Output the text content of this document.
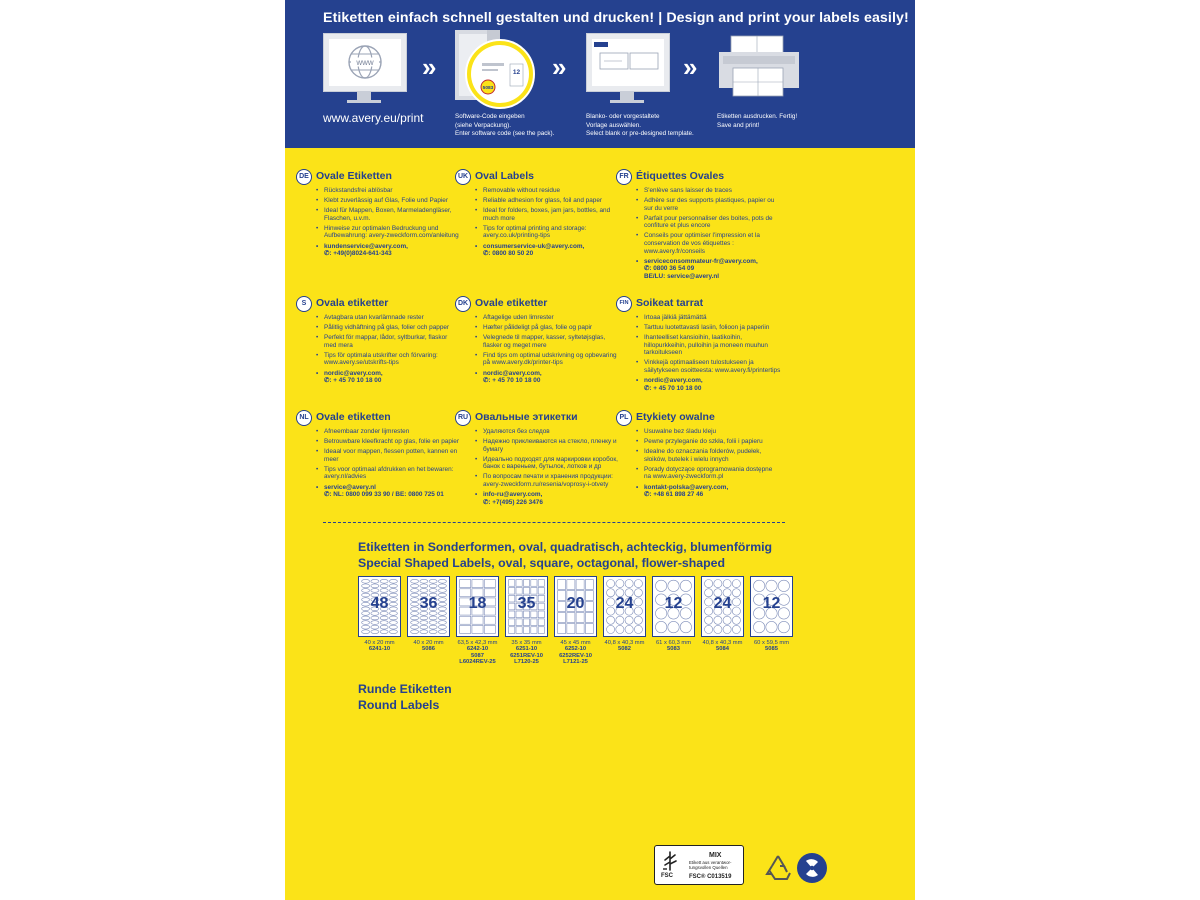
Etiketten einfach schnell gestalten und drucken! | Design and print your labels easily!
www
www.avery.eu/print
»	12
5083
Software-Code eingeben
(siehe Verpackung).
Enter software code (see the pack).
»
Blanko- oder vorgestaltete
Vorlage auswählen.
Select blank or pre-designed template.
»
Etiketten ausdrucken. Fertig!
Save and print!
DE Ovale Etiketten
• Rückstandsfrei ablösbar
• Klebt zuverlässig auf Glas, Folie und Papier
• Ideal für Mappen, Boxen, Marmeladengläser, Flaschen, u.v.m.
• Hinweise zur optimalen Bedruckung und Aufbewahrung: avery-zweckform.com/anleitung
• kundenservice@avery.com,
✆: +49(0)8024-641-343
UK Oval Labels
• Removable without residue
• Reliable adhesion for glass, foil and paper
• Ideal for folders, boxes, jam jars, bottles, and much more
• Tips for optimal printing and storage: avery.co.uk/printing-tips
• consumerservice-uk@avery.com,
✆: 0800 80 50 20
FR Étiquettes Ovales
• S'enlève sans laisser de traces
• Adhère sur des supports plastiques, papier ou sur du verre
• Parfait pour personnaliser des boites, pots de confiture et plus encore
• Conseils pour optimiser l'impression et la conservation de vos étiquettes : www.avery.fr/conseils
• serviceconsommateur-fr@avery.com,
✆: 0800 36 54 09
BE/LU: service@avery.nl
S Ovala etiketter
• Avtagbara utan kvarlämnade rester
• Pålitlig vidhäftning på glas, folier och papper
• Perfekt för mappar, lådor, syltburkar, flaskor med mera
• Tips för optimala utskrifter och förvaring: www.avery.se/utskrifts-tips
• nordic@avery.com,
✆: + 45 70 10 18 00
DK Ovale etiketter
• Aftagelige uden limrester
• Hæfter pålideligt på glas, folie og papir
• Velegnede til mapper, kasser, syltetøjsglas, flasker og meget mere
• Find tips om optimal udskrivning og opbevaring på www.avery.dk/printer-tips
• nordic@avery.com,
✆: + 45 70 10 18 00
FIN Soikeat tarrat
• Irtoaa jälkiä jättämättä
• Tarttuu luotettavasti lasiin, folioon ja paperiin
• Ihanteelliset kansioihin, laatikoihin, hillopurkkeihin, pulloihin ja moneen muuhun tarkoitukseen
• Vinkkejä optimaaliseen tulostukseen ja säilytykseen osoitteesta: www.avery.fi/printertips
• nordic@avery.com,
✆: + 45 70 10 18 00
NL Ovale etiketten
• Afneembaar zonder lijmresten
• Betrouwbare kleefkracht op glas, folie en papier
• Ideaal voor mappen, flessen potten, kannen en meer
• Tips voor optimaal afdrukken en het bewaren: avery.nl/advies
• service@avery.nl
✆: NL: 0800 099 33 90 / BE: 0800 725 01
RU Овальные этикетки
• Удаляются без следов
• Надежно приклеиваются на стекло, пленку и бумагу
• Идеально подходят для маркировки коробок, банок с вареньем, бутылок, лотков и др
• По вопросам печати и хранения продукции: avery-zweckform.ru/resenia/voprosy-i-otvety
• info-ru@avery.com,
✆: +7(495) 226 3476
PL Etykiety owalne
• Usuwalne bez śladu kleju
• Pewne przyleganie do szkła, folii i papieru
• Idealne do oznaczania folderów, pudełek, słoików, butelek i wielu innych
• Porady dotyczące oprogramowania dostępne na www.avery-zweckform.pl
• kontakt-polska@avery.com,
✆: +48 61 898 27 46
Etiketten in Sonderformen, oval, quadratisch, achteckig, blumenförmig
Special Shaped Labels, oval, square, octagonal, flower-shaped
48
40 x 20 mm
6241-10
36
40 x 20 mm
5086
18
63,5 x 42,3 mm
6242-10
5087
L6024REV-25
35
35 x 35 mm
6251-10
6251REV-10
L7120-25
20
45 x 45 mm
6252-10
6252REV-10
L7121-25
24
40,8 x 40,3 mm
5082
12
61 x 60,3 mm
5083
24
40,8 x 40,3 mm
5084
12
60 x 59,5 mm
5085
Runde Etiketten
Round Labels
FSC
MIX
Etikett aus verantwor-tungsvollen Quellen
FSC® C013519
